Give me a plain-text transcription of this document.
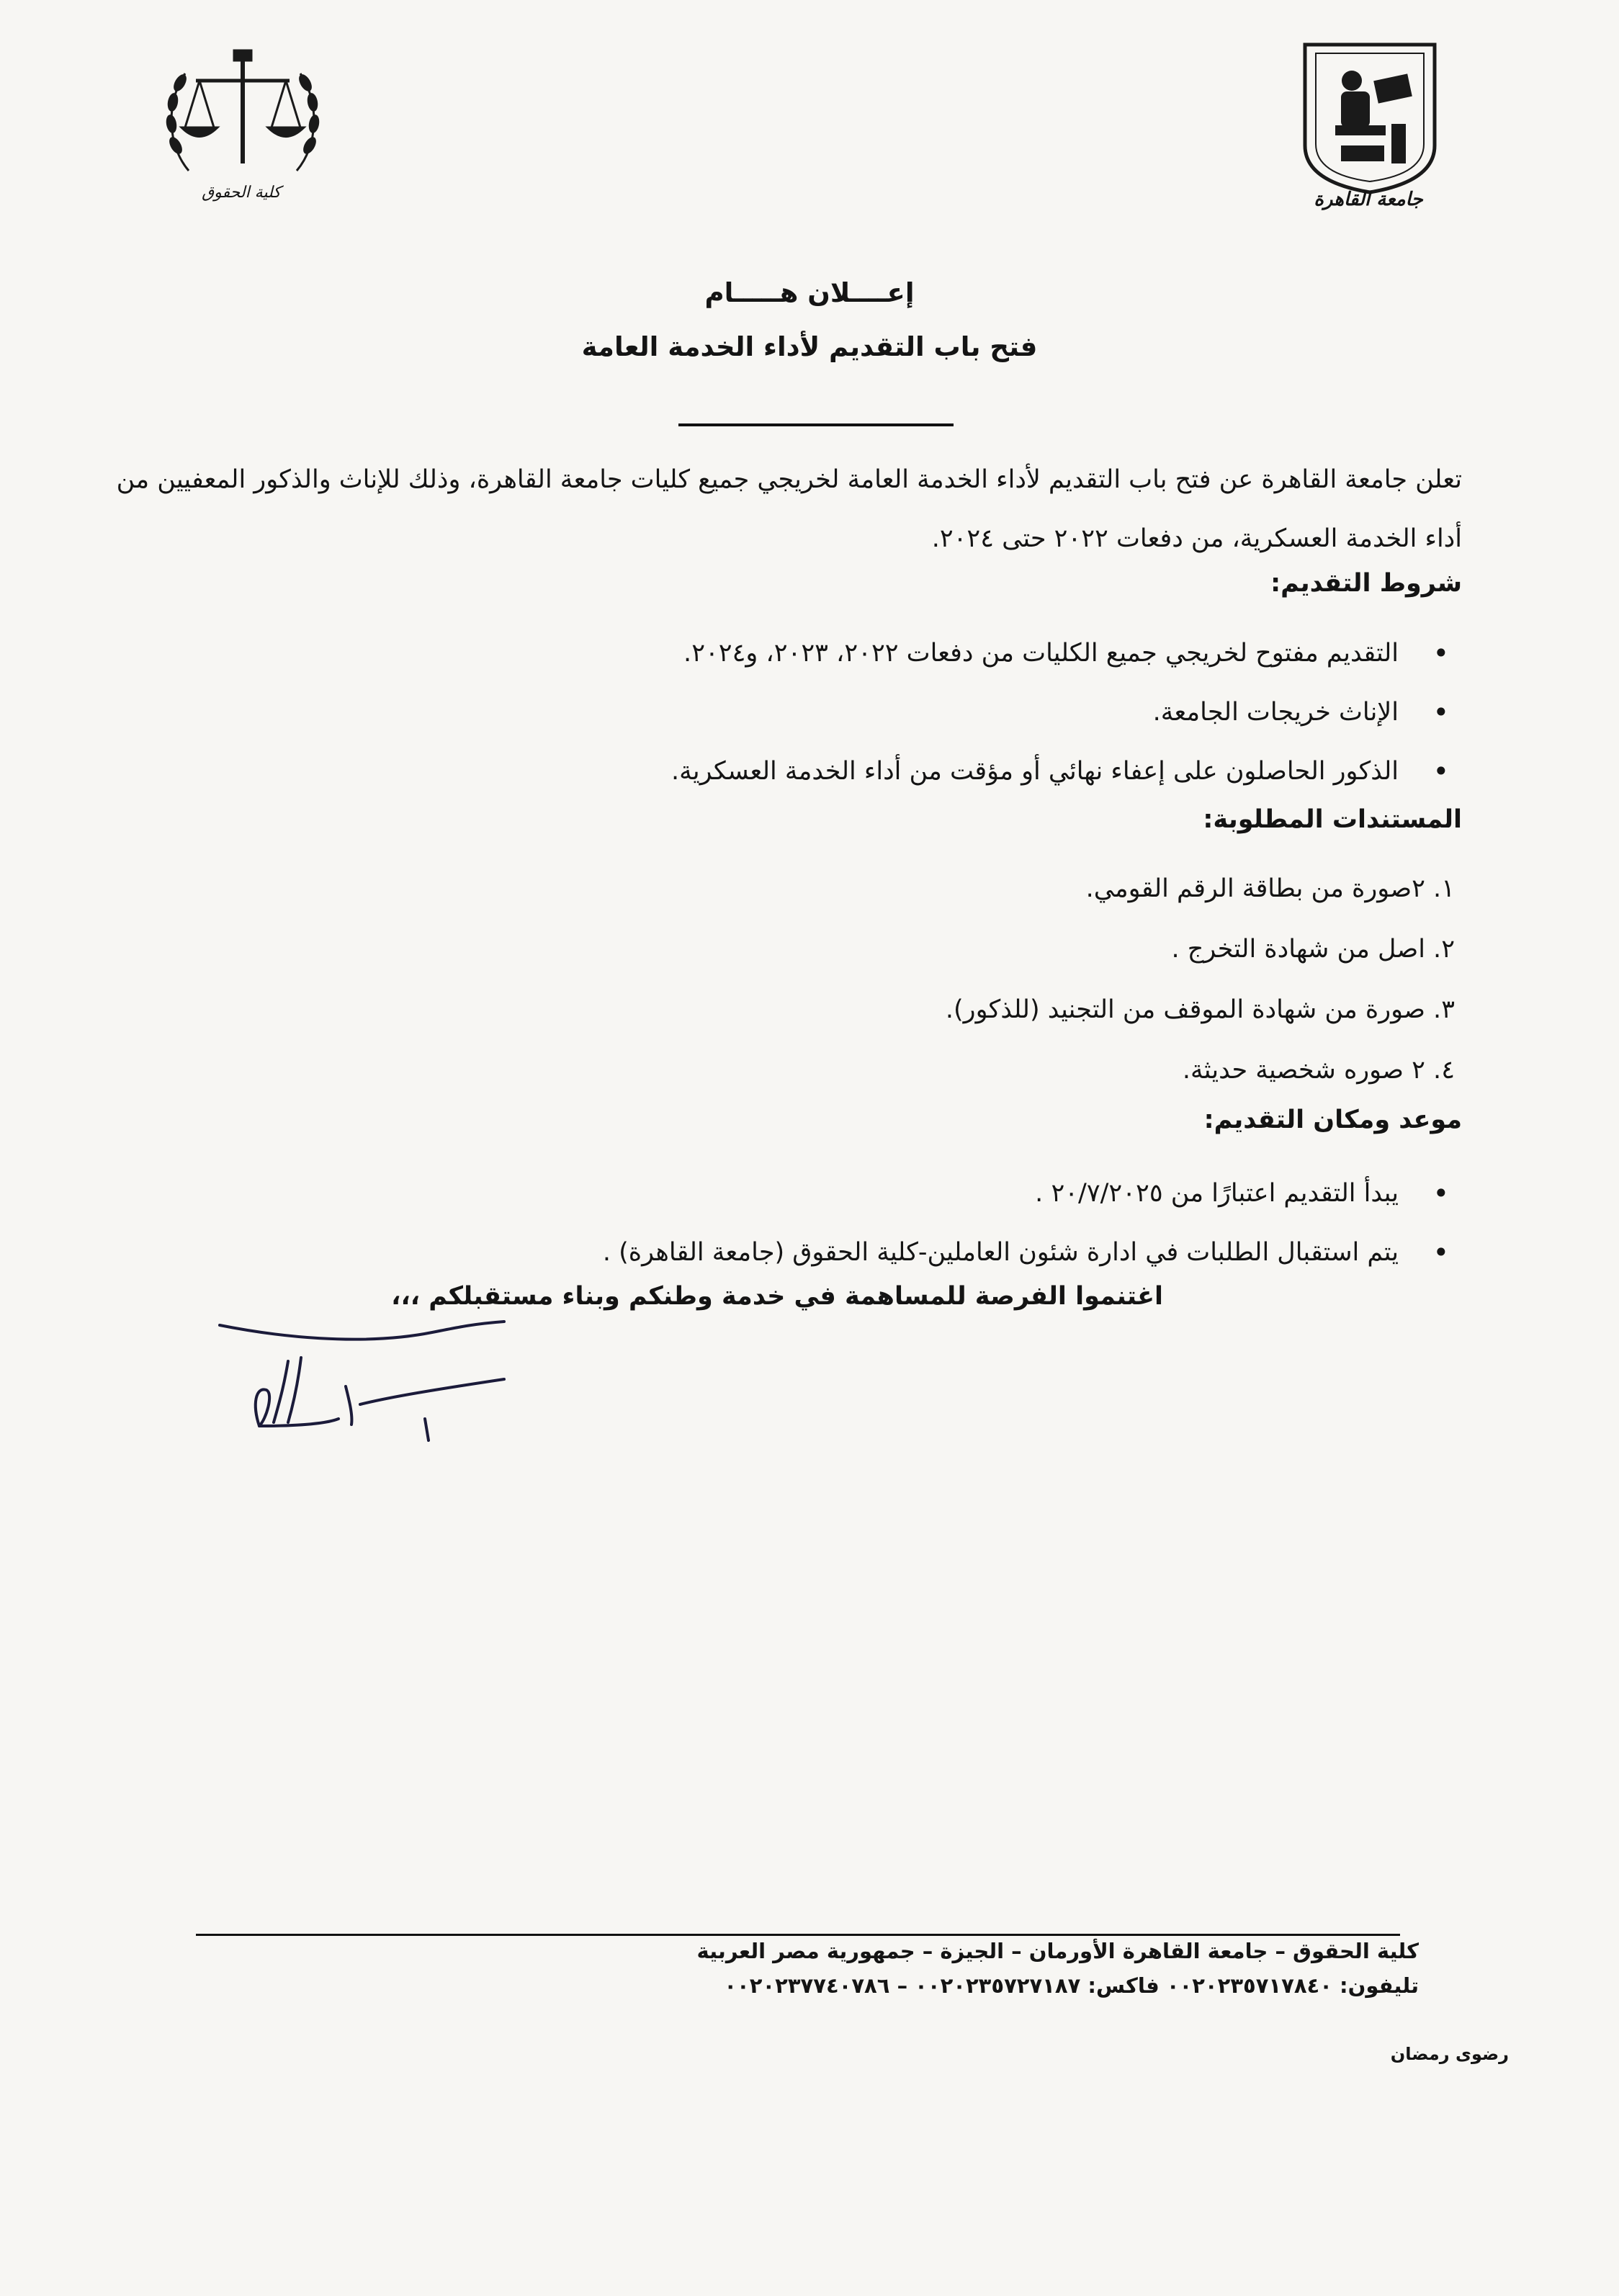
كلية الحقوق	جامعة القاهرة
إعــــلان هـــــام
فتح باب التقديم لأداء الخدمة العامة
تعلن جامعة القاهرة عن فتح باب التقديم لأداء الخدمة العامة لخريجي جميع كليات جامعة القاهرة، وذلك للإناث والذكور المعفيين من أداء الخدمة العسكرية، من دفعات ٢٠٢٢ حتى ٢٠٢٤.
شروط التقديم:
• التقديم مفتوح لخريجي جميع الكليات من دفعات ٢٠٢٢، ٢٠٢٣، و٢٠٢٤.
• الإناث خريجات الجامعة.
• الذكور الحاصلون على إعفاء نهائي أو مؤقت من أداء الخدمة العسكرية.
المستندات المطلوبة:
١. ٢صورة من بطاقة الرقم القومي.
٢. اصل من شهادة التخرج .
٣. صورة من شهادة الموقف من التجنيد (للذكور).
٤. ٢ صوره شخصية حديثة.
موعد ومكان التقديم:
• يبدأ التقديم اعتبارًا من ٢٠/٧/٢٠٢٥ .
• يتم استقبال الطلبات في ادارة شئون العاملين-كلية الحقوق (جامعة القاهرة) .
اغتنموا الفرصة للمساهمة في خدمة وطنكم وبناء مستقبلكم ،،،
كلية الحقوق – جامعة القاهرة الأورمان – الجيزة – جمهورية مصر العربية
تليفون: ٠٠٢٠٢٣٥٧١٧٨٤٠ فاكس: ٠٠٢٠٢٣٥٧٢٧١٨٧ – ٠٠٢٠٢٣٧٧٤٠٧٨٦
رضوى رمضان
